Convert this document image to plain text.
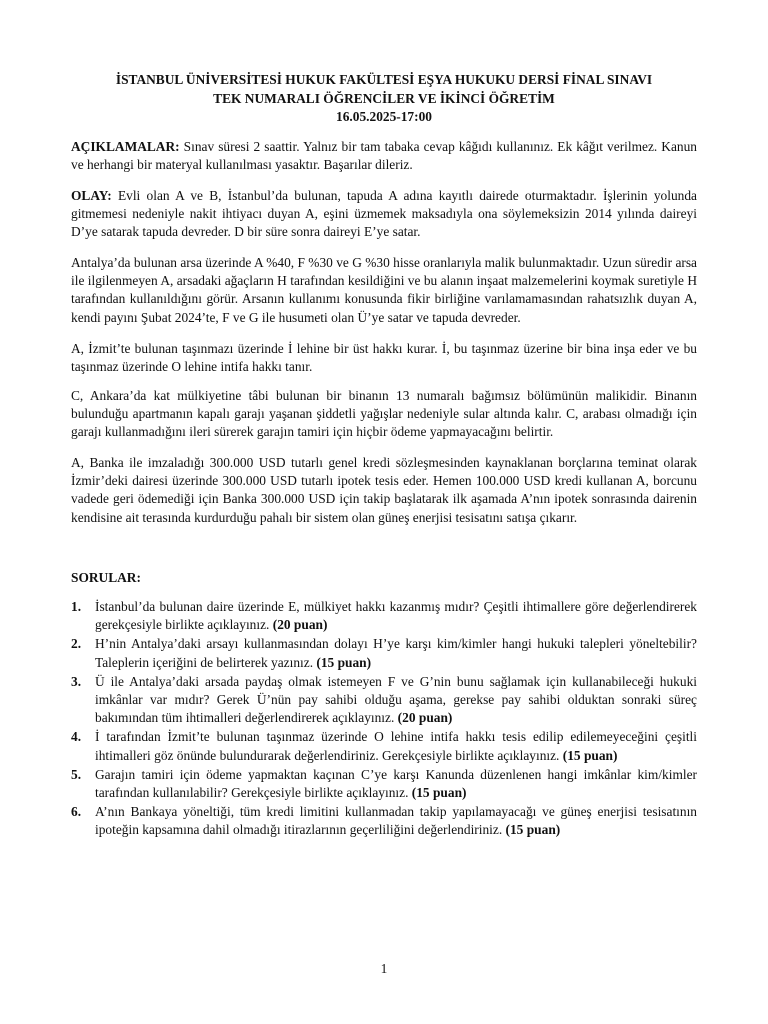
İSTANBUL ÜNİVERSİTESİ HUKUK FAKÜLTESİ EŞYA HUKUKU DERSİ FİNAL SINAVI
TEK NUMARALI ÖĞRENCİLER VE İKİNCİ ÖĞRETİM
16.05.2025-17:00

AÇIKLAMALAR: Sınav süresi 2 saattir. Yalnız bir tam tabaka cevap kâğıdı kullanınız. Ek kâğıt verilmez. Kanun ve herhangi bir materyal kullanılması yasaktır. Başarılar dileriz.

OLAY: Evli olan A ve B, İstanbul’da bulunan, tapuda A adına kayıtlı dairede oturmaktadır. İşlerinin yolunda gitmemesi nedeniyle nakit ihtiyacı duyan A, eşini üzmemek maksadıyla ona söylemeksizin 2014 yılında daireyi D’ye satarak tapuda devreder. D bir süre sonra daireyi E’ye satar.

Antalya’da bulunan arsa üzerinde A %40, F %30 ve G %30 hisse oranlarıyla malik bulunmaktadır. Uzun süredir arsa ile ilgilenmeyen A, arsadaki ağaçların H tarafından kesildiğini ve bu alanın inşaat malzemelerini koymak suretiyle H tarafından kullanıldığını görür. Arsanın kullanımı konusunda fikir birliğine varılamamasından rahatsızlık duyan A, kendi payını Şubat 2024’te, F ve G ile husumeti olan Ü’ye satar ve tapuda devreder.

A, İzmit’te bulunan taşınmazı üzerinde İ lehine bir üst hakkı kurar. İ, bu taşınmaz üzerine bir bina inşa eder ve bu taşınmaz üzerinde O lehine intifa hakkı tanır.

C, Ankara’da kat mülkiyetine tâbi bulunan bir binanın 13 numaralı bağımsız bölümünün malikidir. Binanın bulunduğu apartmanın kapalı garajı yaşanan şiddetli yağışlar nedeniyle sular altında kalır. C, arabası olmadığı için garajı kullanmadığını ileri sürerek garajın tamiri için hiçbir ödeme yapmayacağını belirtir.

A, Banka ile imzaladığı 300.000 USD tutarlı genel kredi sözleşmesinden kaynaklanan borçlarına teminat olarak İzmir’deki dairesi üzerinde 300.000 USD tutarlı ipotek tesis eder. Hemen 100.000 USD kredi kullanan A, borcunu vadede geri ödemediği için Banka 300.000 USD için takip başlatarak ilk aşamada A’nın ipotek sonrasında dairenin kendisine ait terasında kurdurduğu pahalı bir sistem olan güneş enerjisi tesisatını satışa çıkarır.

SORULAR:
1. İstanbul’da bulunan daire üzerinde E, mülkiyet hakkı kazanmış mıdır? Çeşitli ihtimallere göre değerlendirerek gerekçesiyle birlikte açıklayınız. (20 puan)
2. H’nin Antalya’daki arsayı kullanmasından dolayı H’ye karşı kim/kimler hangi hukuki talepleri yöneltebilir? Taleplerin içeriğini de belirterek yazınız. (15 puan)
3. Ü ile Antalya’daki arsada paydaş olmak istemeyen F ve G’nin bunu sağlamak için kullanabileceği hukuki imkânlar var mıdır? Gerek Ü’nün pay sahibi olduğu aşama, gerekse pay sahibi olduktan sonraki süreç bakımından tüm ihtimalleri değerlendirerek açıklayınız. (20 puan)
4. İ tarafından İzmit’te bulunan taşınmaz üzerinde O lehine intifa hakkı tesis edilip edilemeyeceğini çeşitli ihtimalleri göz önünde bulundurarak değerlendiriniz. Gerekçesiyle birlikte açıklayınız. (15 puan)
5. Garajın tamiri için ödeme yapmaktan kaçınan C’ye karşı Kanunda düzenlenen hangi imkânlar kim/kimler tarafından kullanılabilir? Gerekçesiyle birlikte açıklayınız. (15 puan)
6. A’nın Bankaya yöneltiği, tüm kredi limitini kullanmadan takip yapılamayacağı ve güneş enerjisi tesisatının ipoteğin kapsamına dahil olmadığı itirazlarının geçerliliğini değerlendiriniz. (15 puan)
1
